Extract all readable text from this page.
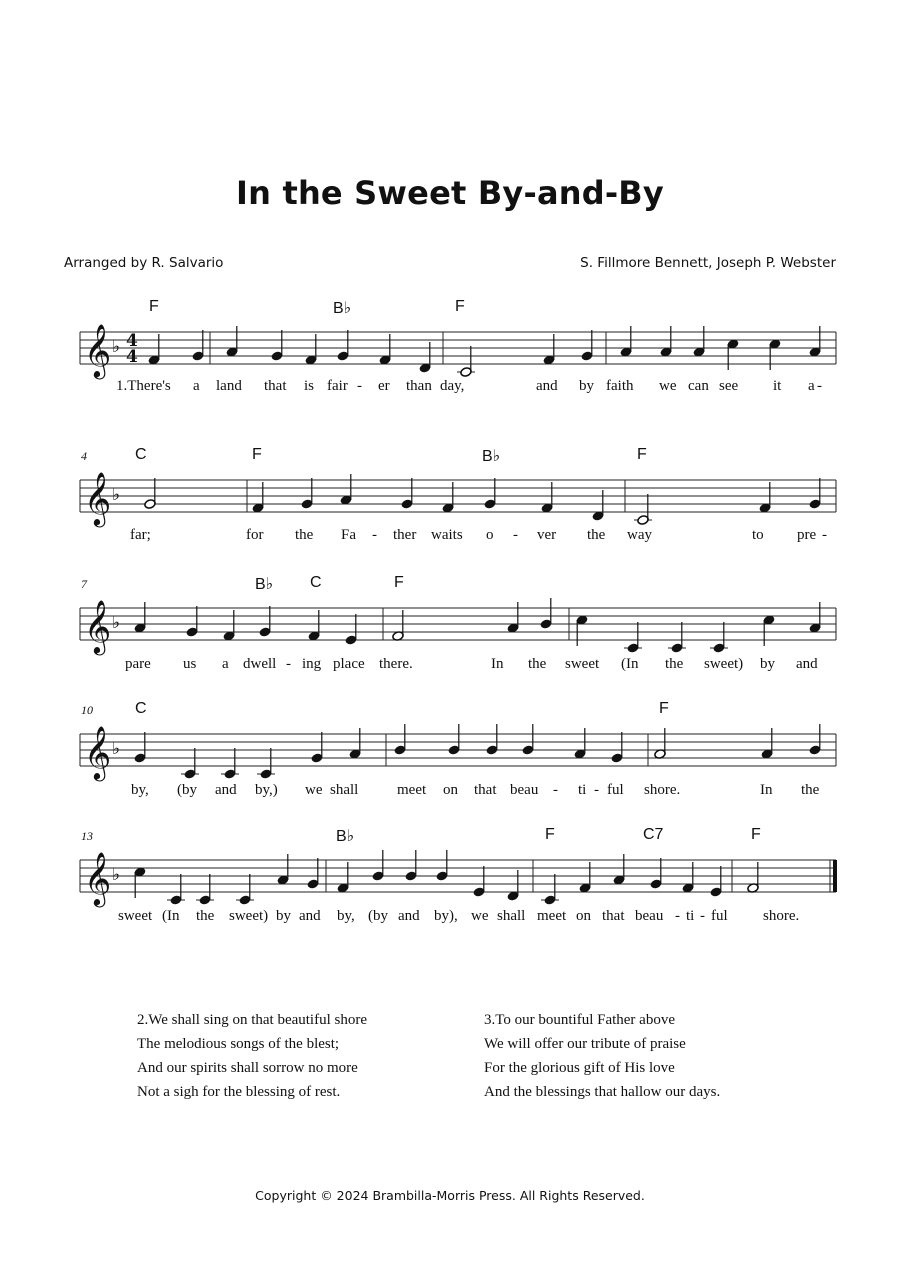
In the Sweet By-and-By
Arranged by R. Salvario	S. Fillmore Bennett, Joseph P. Webster
𝄞 ♭ 4
4
F	B♭	F
1.There's a land that is fair - er than day,	and by faith we can see it a -
𝄞 ♭
4	C	F	B♭	F
far;	for the Fa - ther waits o - ver the way	to pre -
𝄞 ♭
7	B♭ C	F
pare us a dwell - ing place there.	In the sweet (In the sweet) by and
𝄞 ♭
10	C	F
by, (by and by,) we shall	meet on that beau - ti - ful shore.	In the
𝄞 ♭
13	B♭	F	C7	F
sweet (In the sweet) by and by, (by and by), we shall meet on that beau - ti - ful shore.
2.We shall sing on that beautiful shore
The melodious songs of the blest;
And our spirits shall sorrow no more
Not a sigh for the blessing of rest.
3.To our bountiful Father above
We will offer our tribute of praise
For the glorious gift of His love
And the blessings that hallow our days.
Copyright © 2024 Brambilla-Morris Press. All Rights Reserved.
